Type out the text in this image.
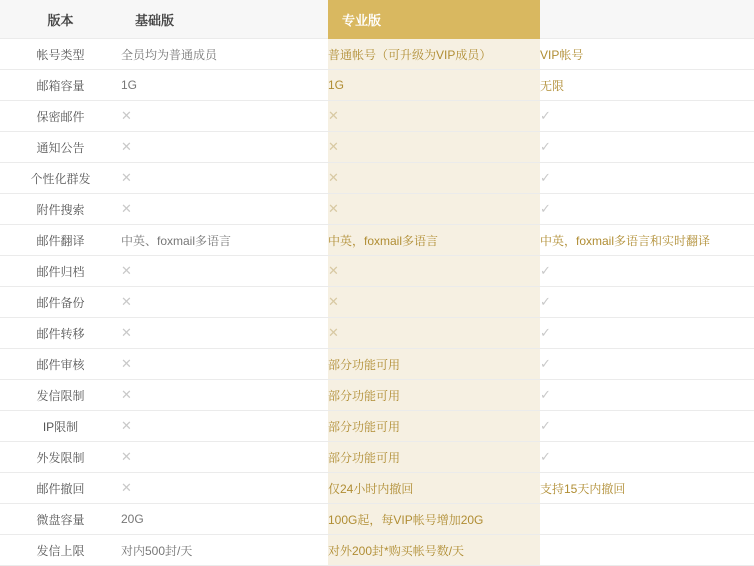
版本	基础版	专业版	

帐号类型	全员均为普通成员	普通帐号（可升级为VIP成员）	VIP帐号

邮箱容量	1G	1G	无限

保密邮件	✕	✕	✓

通知公告	✕	✕	✓

个性化群发	✕	✕	✓

附件搜索	✕	✕	✓

邮件翻译	中英、foxmail多语言	中英，foxmail多语言	中英，foxmail多语言和实时翻译

邮件归档	✕	✕	✓

邮件备份	✕	✕	✓

邮件转移	✕	✕	✓

邮件审核	✕	部分功能可用	✓

发信限制	✕	部分功能可用	✓

IP限制	✕	部分功能可用	✓

外发限制	✕	部分功能可用	✓

邮件撤回	✕	仅24小时内撤回	支持15天内撤回

微盘容量	20G	100G起，每VIP帐号增加20G	

发信上限	对内500封/天	对外200封*购买帐号数/天	
